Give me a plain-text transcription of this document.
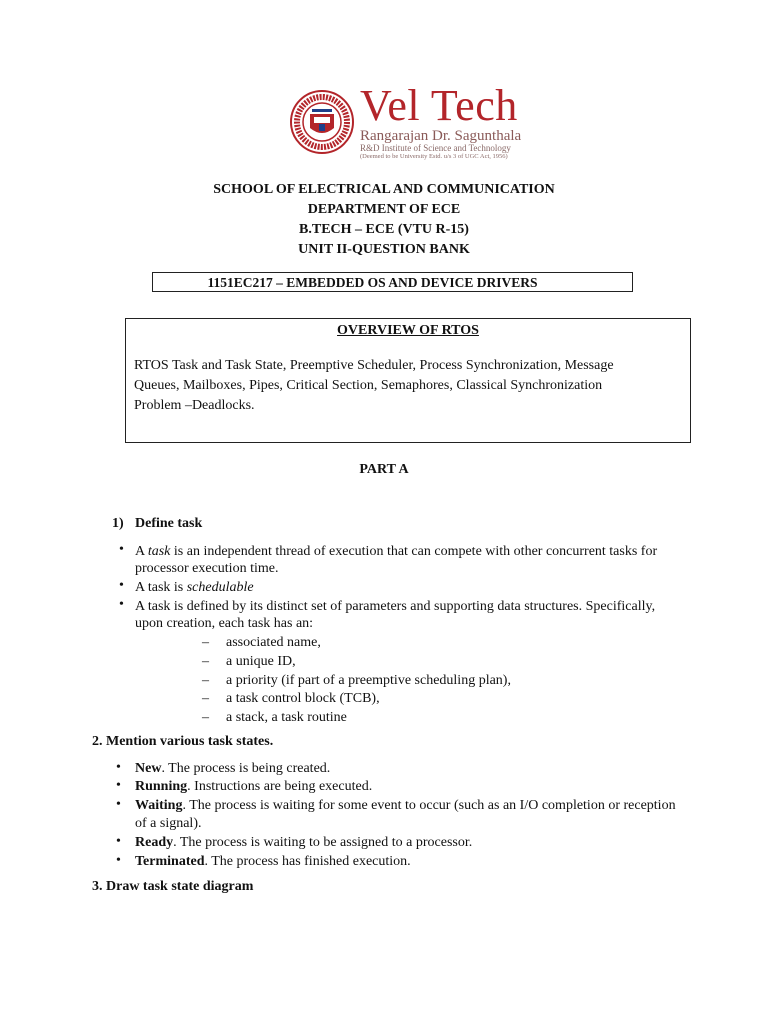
Vel Tech
Rangarajan Dr. Sagunthala
R&D Institute of Science and Technology
(Deemed to be University Estd. u/s 3 of UGC Act, 1956)
SCHOOL OF ELECTRICAL AND COMMUNICATION
DEPARTMENT OF ECE
B.TECH – ECE (VTU R-15)
UNIT II-QUESTION BANK
1151EC217 – EMBEDDED OS AND DEVICE DRIVERS
OVERVIEW OF RTOS
RTOS Task and Task State, Preemptive Scheduler, Process Synchronization, Message
Queues, Mailboxes, Pipes, Critical Section, Semaphores, Classical Synchronization
Problem –Deadlocks.
PART A
1) Define task
• A task is an independent thread of execution that can compete with other concurrent tasks for
processor execution time.
• A task is schedulable
• A task is defined by its distinct set of parameters and supporting data structures. Specifically,
upon creation, each task has an:
– associated name,
– a unique ID,
– a priority (if part of a preemptive scheduling plan),
– a task control block (TCB),
– a stack, a task routine
2. Mention various task states.
• New. The process is being created.
• Running. Instructions are being executed.
• Waiting. The process is waiting for some event to occur (such as an I/O completion or reception
of a signal).
• Ready. The process is waiting to be assigned to a processor.
• Terminated. The process has finished execution.
3. Draw task state diagram
